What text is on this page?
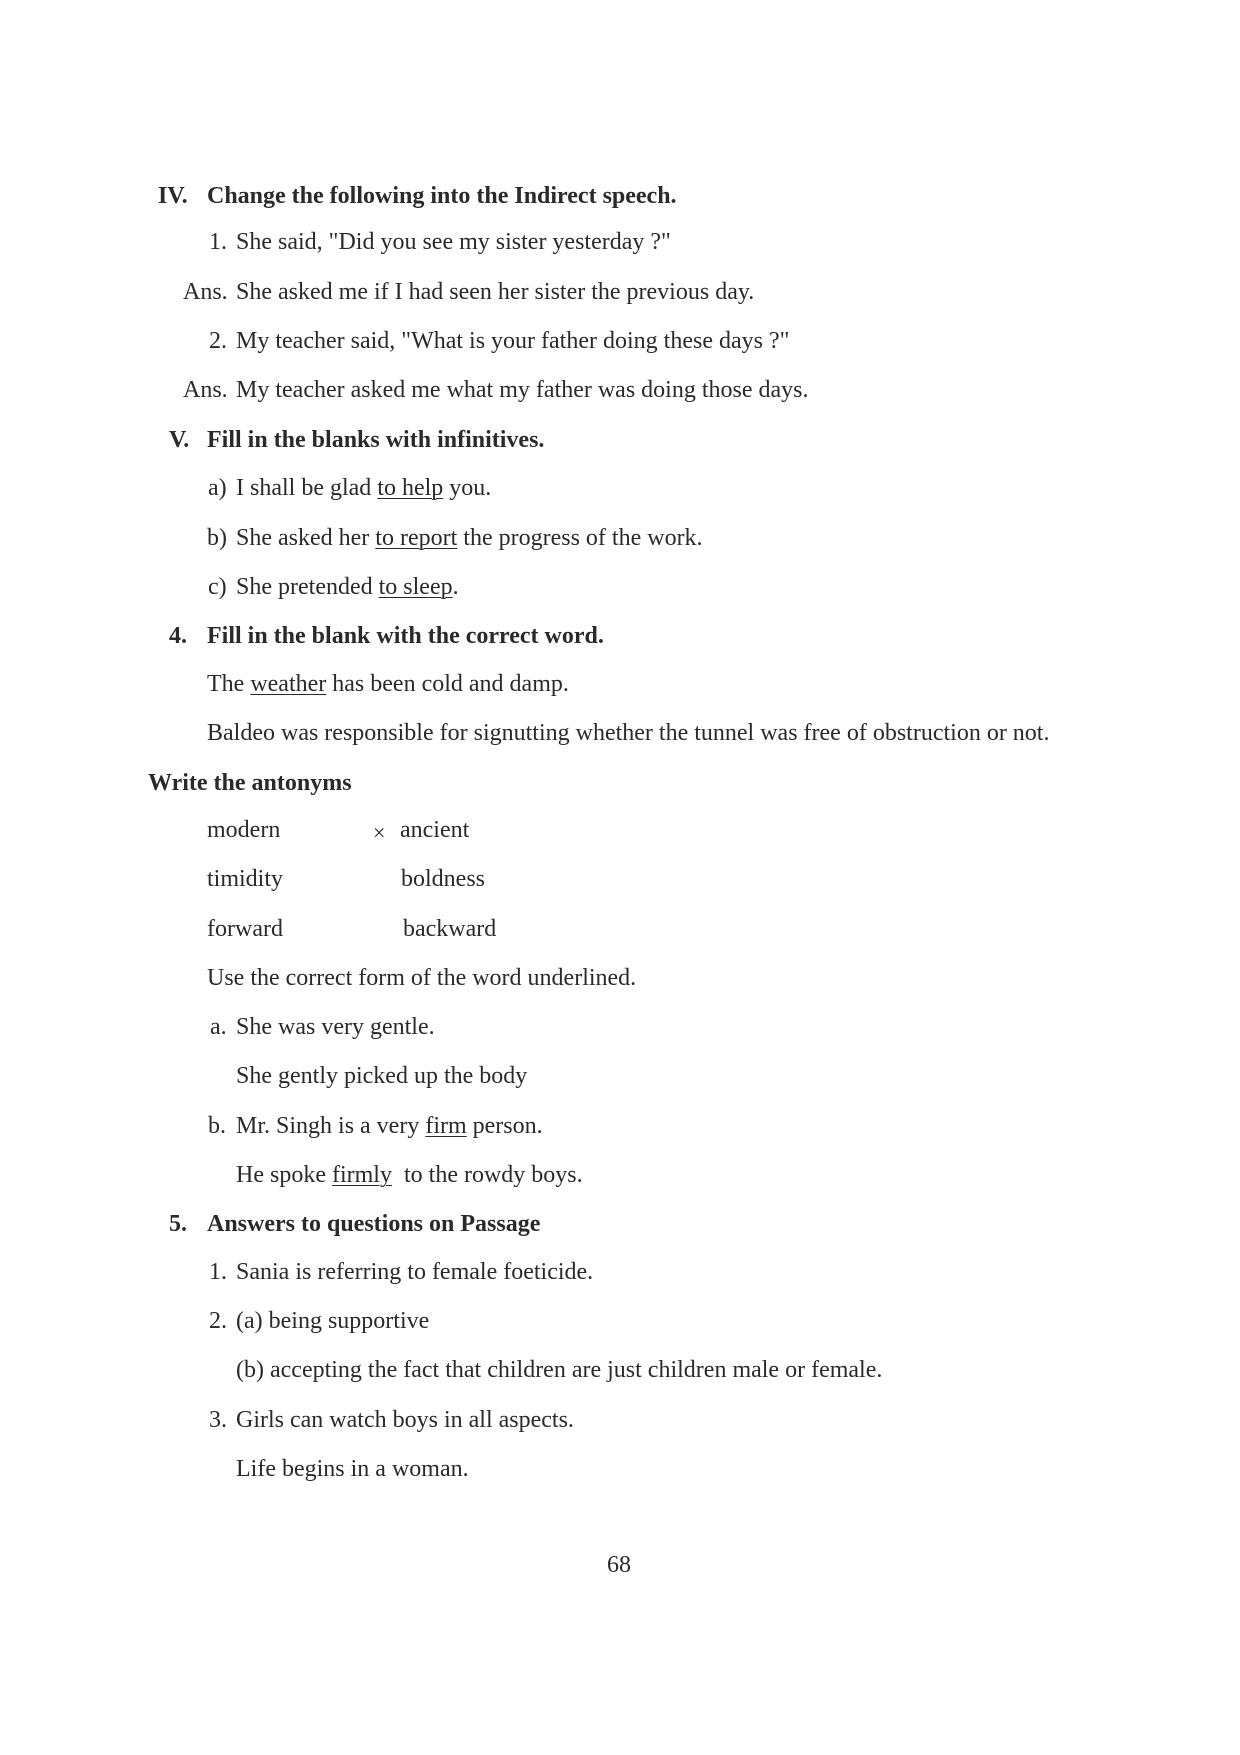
IV. Change the following into the Indirect speech.
1. She said, "Did you see my sister yesterday ?"
Ans. She asked me if I had seen her sister the previous day.
2. My teacher said, "What is your father doing these days ?"
Ans. My teacher asked me what my father was doing those days.
V. Fill in the blanks with infinitives.
a) I shall be glad to help you.
b) She asked her to report the progress of the work.
c) She pretended to sleep.
4. Fill in the blank with the correct word.
The weather has been cold and damp.
Baldeo was responsible for signutting whether the tunnel was free of obstruction or not.
Write the antonyms
modern	× ancient
timidity	boldness
forward	backward
Use the correct form of the word underlined.
a. She was very gentle.
She gently picked up the body
b. Mr. Singh is a very firm person.
He spoke firmly  to the rowdy boys.
5. Answers to questions on Passage
1. Sania is referring to female foeticide.
2. (a) being supportive
(b) accepting the fact that children are just children male or female.
3. Girls can watch boys in all aspects.
Life begins in a woman.
68
